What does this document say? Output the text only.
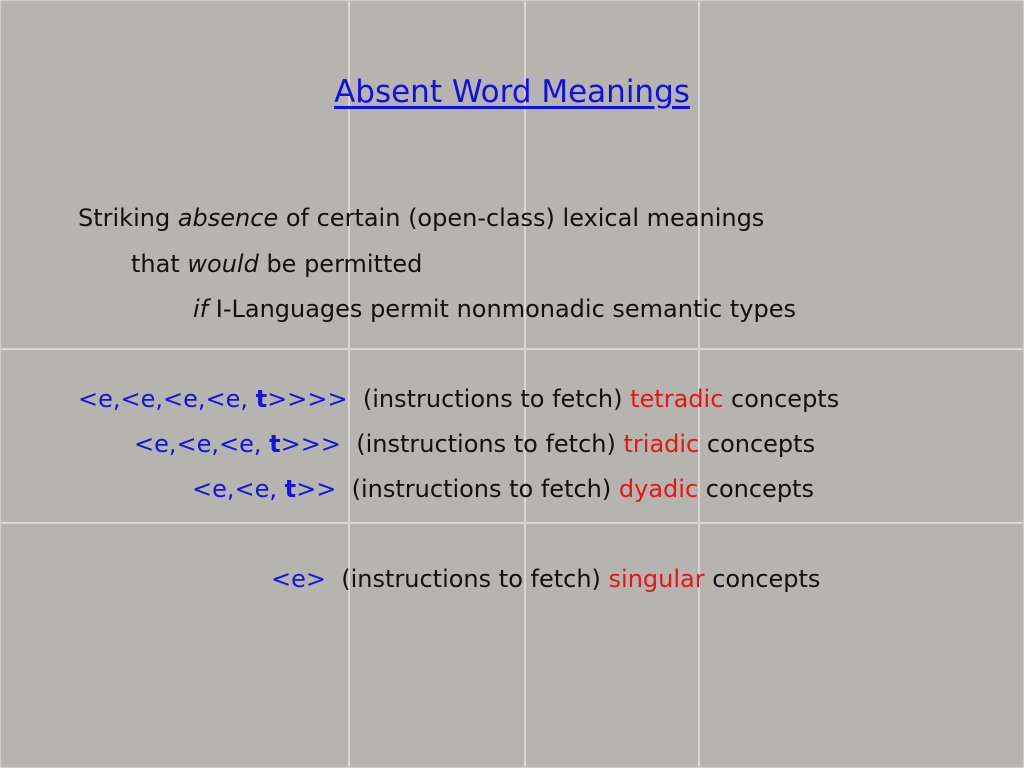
Absent Word Meanings
Striking absence of certain (open-class) lexical meanings
that would be permitted
if I-Languages permit nonmonadic semantic types
<e,<e,<e,<e, t>>>>  (instructions to fetch) tetradic concepts
<e,<e,<e, t>>>  (instructions to fetch) triadic concepts
<e,<e, t>>  (instructions to fetch) dyadic concepts
<e>  (instructions to fetch) singular concepts
